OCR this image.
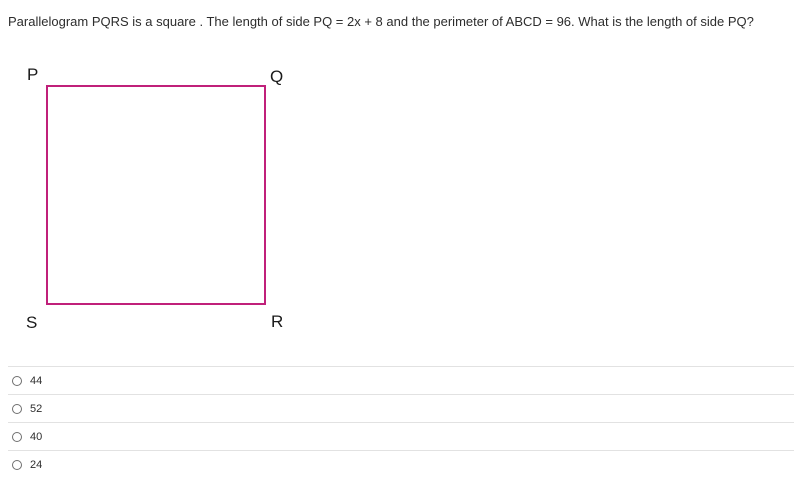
Parallelogram PQRS is a square . The length of side PQ = 2x + 8 and the perimeter of ABCD = 96. What is the length of side PQ?
P	Q
S	R
44
52
40
24
